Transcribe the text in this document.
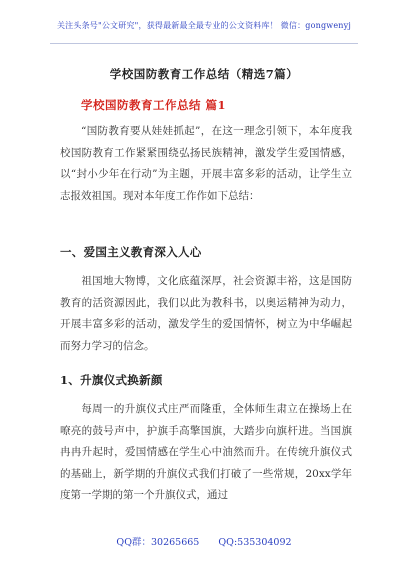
关注头条号"公文研究"，获得最新最全最专业的公文资料库！ 微信：gongwenyj
学校国防教育工作总结（精选7篇）
学校国防教育工作总结 篇1
“国防教育要从娃娃抓起”，在这一理念引领下，本年度我校国防教育工作紧紧围绕弘扬民族精神，激发学生爱国情感，以“封小少年在行动”为主题，开展丰富多彩的活动，让学生立志报效祖国。现对本年度工作作如下总结：
一、爱国主义教育深入人心
祖国地大物博，文化底蕴深厚，社会资源丰裕，这是国防教育的活资源因此，我们以此为教科书，以奥运精神为动力，开展丰富多彩的活动，激发学生的爱国情怀，树立为中华崛起而努力学习的信念。
1、升旗仪式换新颜
每周一的升旗仪式庄严而隆重，全体师生肃立在操场上在嘹亮的鼓号声中，护旗手高擎国旗，大踏步向旗杆进。当国旗冉冉升起时，爱国情感在学生心中油然而升。在传统升旗仪式的基础上，新学期的升旗仪式我们打破了一些常规，20xx学年度第一学期的第一个升旗仪式，通过
QQ群：30265665 QQ:535304092
